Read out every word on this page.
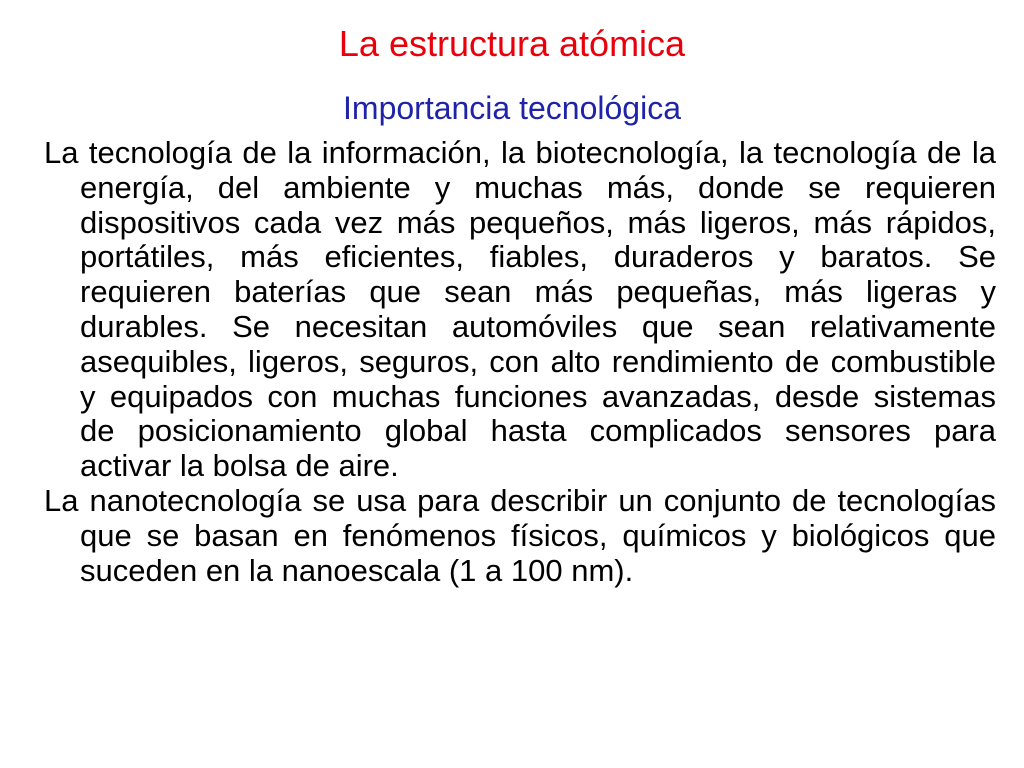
La estructura atómica
Importancia tecnológica

La tecnología de la información, la biotecnología, la tecnología de la energía, del ambiente y muchas más, donde se requieren dispositivos cada vez más pequeños, más ligeros, más rápidos, portátiles, más eficientes, fiables, duraderos y baratos. Se requieren baterías que sean más pequeñas, más ligeras y durables. Se necesitan automóviles que sean relativamente asequibles, ligeros, seguros, con alto rendimiento de combustible y equipados con muchas funciones avanzadas, desde sistemas de posicionamiento global hasta complicados sensores para activar la bolsa de aire.

La nanotecnología se usa para describir un conjunto de tecnologías que se basan en fenómenos físicos, químicos y biológicos que suceden en la nanoescala (1 a 100 nm).
